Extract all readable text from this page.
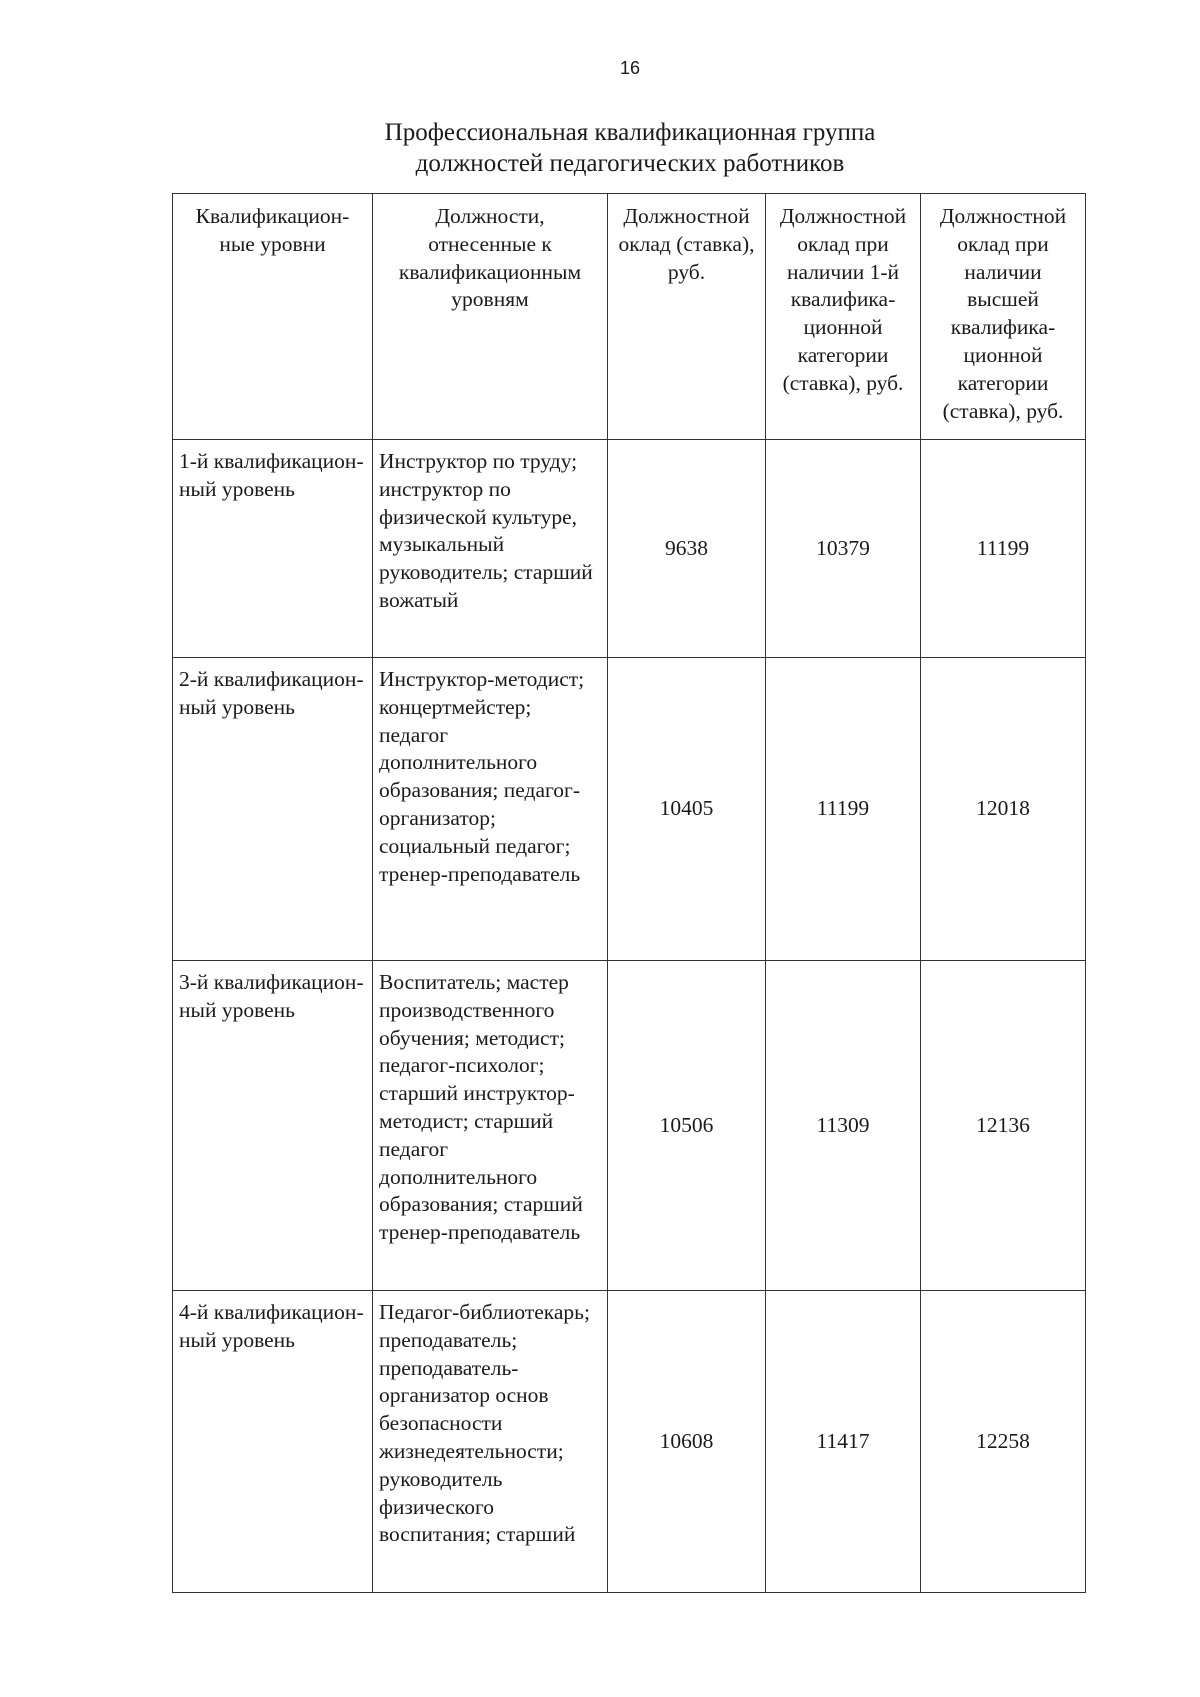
16
Профессиональная квалификационная группа
должностей педагогических работников
Квалификацион-ные уровни	Должности, отнесенные к квалификационным уровням	Должностной оклад (ставка), руб.	Должностной оклад при наличии 1-й квалифика-ционной категории (ставка), руб.	Должностной оклад при наличии высшей квалифика-ционной категории (ставка), руб.
1-й квалификацион-ный уровень	Инструктор по труду; инструктор по физической культуре, музыкальный руководитель; старший вожатый	9638	10379	11199
2-й квалификацион-ный уровень	Инструктор-методист; концертмейстер; педагог дополнительного образования; педагог-организатор; социальный педагог; тренер-преподаватель	10405	11199	12018
3-й квалификацион-ный уровень	Воспитатель; мастер производственного обучения; методист; педагог-психолог; старший инструктор-методист; старший педагог дополнительного образования; старший тренер-преподаватель	10506	11309	12136
4-й квалификацион-ный уровень	Педагог-библиотекарь; преподаватель; преподаватель-организатор основ безопасности жизнедеятельности; руководитель физического воспитания; старший	10608	11417	12258
